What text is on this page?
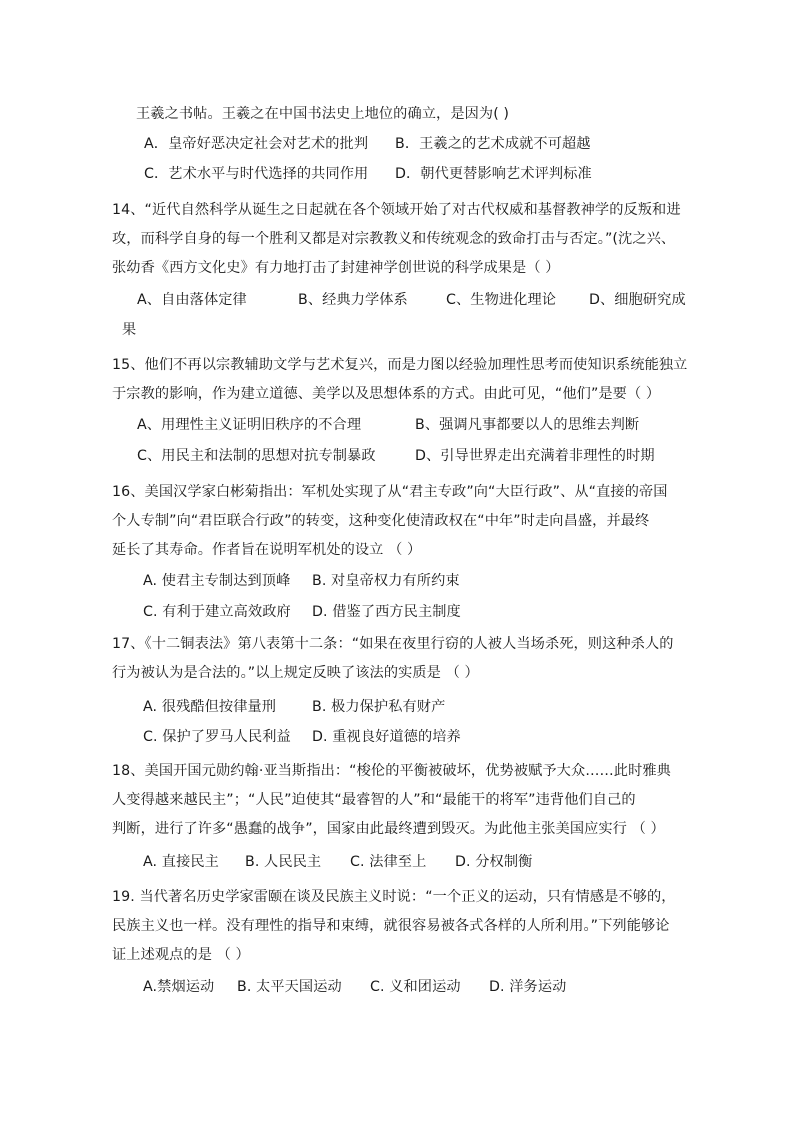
王羲之书帖。王羲之在中国书法史上地位的确立，是因为( )
A．皇帝好恶决定社会对艺术的批判 B．王羲之的艺术成就不可超越
C．艺术水平与时代选择的共同作用 D．朝代更替影响艺术评判标准
14、“近代自然科学从诞生之日起就在各个领域开始了对古代权威和基督教神学的反叛和进
攻，而科学自身的每一个胜利又都是对宗教教义和传统观念的致命打击与否定。”(沈之兴、
张幼香《西方文化史》有力地打击了封建神学创世说的科学成果是（ ）
A、自由落体定律	B、经典力学体系	C、生物进化理论 D、细胞研究成
果
15、他们不再以宗教辅助文学与艺术复兴，而是力图以经验加理性思考而使知识系统能独立
于宗教的影响，作为建立道德、美学以及思想体系的方式。由此可见，“他们”是要（ ）
A、用理性主义证明旧秩序的不合理	B、强调凡事都要以人的思维去判断
C、用民主和法制的思想对抗专制暴政	D、引导世界走出充满着非理性的时期
16、美国汉学家白彬菊指出：军机处实现了从“君主专政”向“大臣行政”、从“直接的帝国
个人专制”向“君臣联合行政”的转变，这种变化使清政权在“中年”时走向昌盛，并最终
延长了其寿命。作者旨在说明军机处的设立 （ ）
A. 使君主专制达到顶峰 B. 对皇帝权力有所约束
C. 有利于建立高效政府 D. 借鉴了西方民主制度
17、《十二铜表法》第八表第十二条：“如果在夜里行窃的人被人当场杀死，则这种杀人的
行为被认为是合法的。”以上规定反映了该法的实质是 （ ）
A. 很残酷但按律量刑	B. 极力保护私有财产
C. 保护了罗马人民利益 D. 重视良好道德的培养
18、美国开国元勋约翰·亚当斯指出：“梭伦的平衡被破坏，优势被赋予大众……此时雅典
人变得越来越民主”；“人民”迫使其“最睿智的人”和“最能干的将军”违背他们自己的
判断，进行了许多“愚蠢的战争”，国家由此最终遭到毁灭。为此他主张美国应实行 （ ）
A. 直接民主 B. 人民民主 C. 法律至上 D. 分权制衡
19. 当代著名历史学家雷颐在谈及民族主义时说：“一个正义的运动，只有情感是不够的，
民族主义也一样。没有理性的指导和束缚，就很容易被各式各样的人所利用。”下列能够论
证上述观点的是 （ ）
A.禁烟运动 B. 太平天国运动 C. 义和团运动 D. 洋务运动
